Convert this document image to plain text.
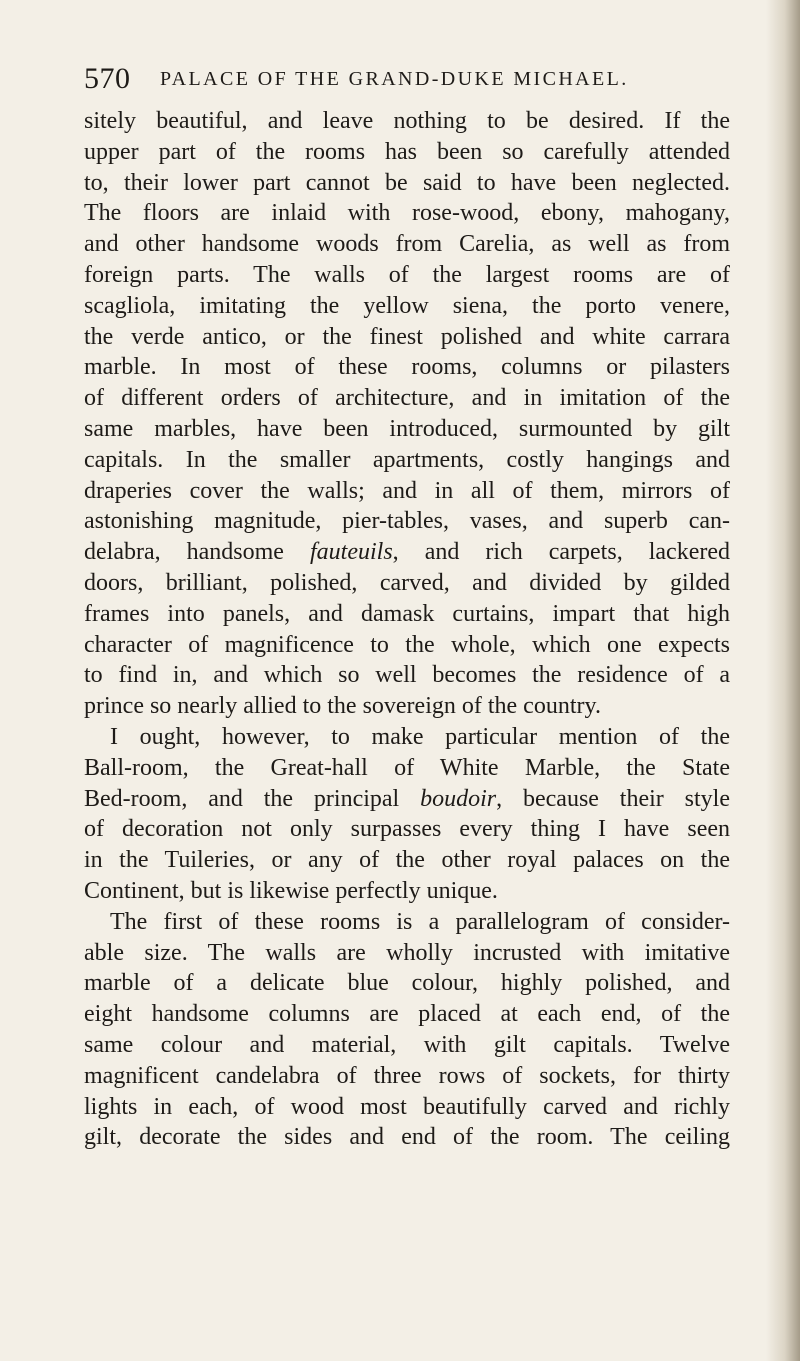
570 PALACE OF THE GRAND-DUKE MICHAEL.
sitely beautiful, and leave nothing to be desired. If the
upper part of the rooms has been so carefully attended
to, their lower part cannot be said to have been neglected.
The floors are inlaid with rose-wood, ebony, mahogany,
and other handsome woods from Carelia, as well as from
foreign parts. The walls of the largest rooms are of
scagliola, imitating the yellow siena, the porto venere,
the verde antico, or the finest polished and white carrara
marble. In most of these rooms, columns or pilasters
of different orders of architecture, and in imitation of the
same marbles, have been introduced, surmounted by gilt
capitals. In the smaller apartments, costly hangings and
draperies cover the walls; and in all of them, mirrors of
astonishing magnitude, pier-tables, vases, and superb can-
delabra, handsome fauteuils, and rich carpets, lackered
doors, brilliant, polished, carved, and divided by gilded
frames into panels, and damask curtains, impart that high
character of magnificence to the whole, which one expects
to find in, and which so well becomes the residence of a
prince so nearly allied to the sovereign of the country.
I ought, however, to make particular mention of the
Ball-room, the Great-hall of White Marble, the State
Bed-room, and the principal boudoir, because their style
of decoration not only surpasses every thing I have seen
in the Tuileries, or any of the other royal palaces on the
Continent, but is likewise perfectly unique.
The first of these rooms is a parallelogram of consider-
able size. The walls are wholly incrusted with imitative
marble of a delicate blue colour, highly polished, and
eight handsome columns are placed at each end, of the
same colour and material, with gilt capitals. Twelve
magnificent candelabra of three rows of sockets, for thirty
lights in each, of wood most beautifully carved and richly
gilt, decorate the sides and end of the room. The ceiling
